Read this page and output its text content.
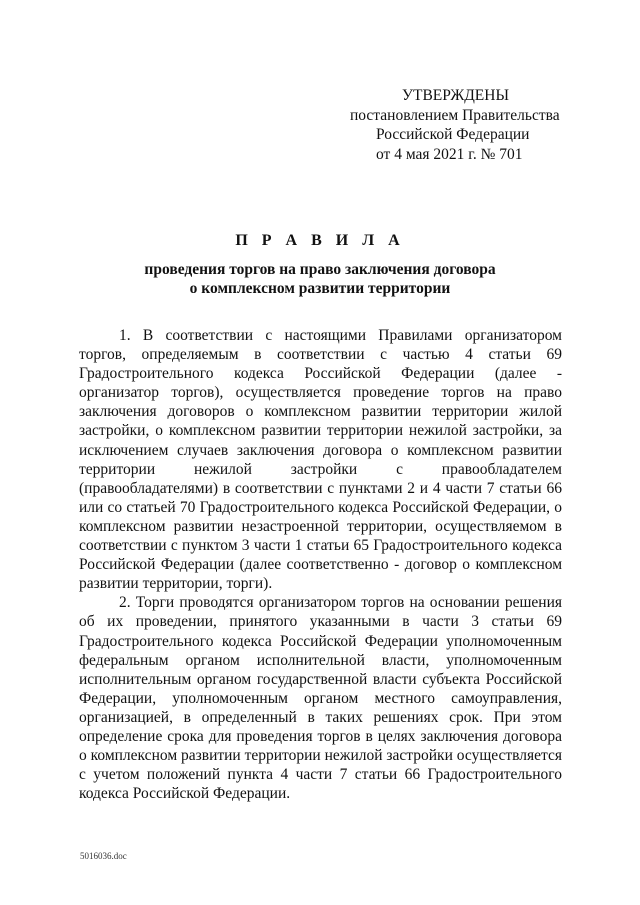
УТВЕРЖДЕНЫ
постановлением Правительства
Российской Федерации
от 4 мая 2021 г. № 701
П Р А В И Л А
проведения торгов на право заключения договора
о комплексном развитии территории

1. В соответствии с настоящими Правилами организатором торгов, определяемым в соответствии с частью 4 статьи 69 Градостроительного кодекса Российской Федерации (далее - организатор торгов), осуществляется проведение торгов на право заключения договоров о комплексном развитии территории жилой застройки, о комплексном развитии территории нежилой застройки, за исключением случаев заключения договора о комплексном развитии территории нежилой застройки с правообладателем (правообладателями) в соответствии с пунктами 2 и 4 части 7 статьи 66 или со статьей 70 Градостроительного кодекса Российской Федерации, о комплексном развитии незастроенной территории, осуществляемом в соответствии с пунктом 3 части 1 статьи 65 Градостроительного кодекса Российской Федерации (далее соответственно - договор о комплексном развитии территории, торги).

2. Торги проводятся организатором торгов на основании решения об их проведении, принятого указанными в части 3 статьи 69 Градостроительного кодекса Российской Федерации уполномоченным федеральным органом исполнительной власти, уполномоченным исполнительным органом государственной власти субъекта Российской Федерации, уполномоченным органом местного самоуправления, организацией, в определенный в таких решениях срок. При этом определение срока для проведения торгов в целях заключения договора о комплексном развитии территории нежилой застройки осуществляется с учетом положений пункта 4 части 7 статьи 66 Градостроительного кодекса Российской Федерации.

5016036.doc
